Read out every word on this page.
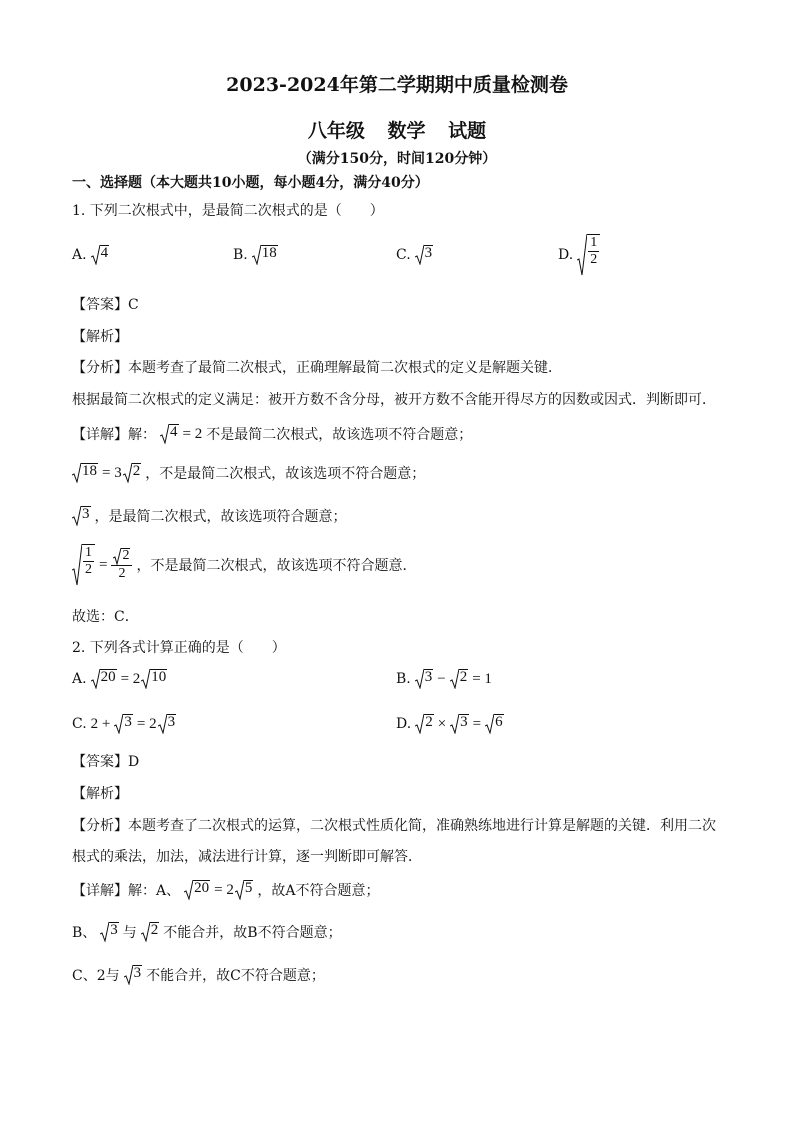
2023-2024年第二学期期中质量检测卷
八年级 数学 试题
（满分150分，时间120分钟）
一、选择题（本大题共10小题，每小题4分，满分40分）
1. 下列二次根式中，是最简二次根式的是（　　）
A. 4	B. 18	C. 3	D. $\frac{1}{2}$
【答案】C
【解析】
【分析】本题考查了最简二次根式，正确理解最简二次根式的定义是解题关键．
根据最简二次根式的定义满足：被开方数不含分母，被开方数不含能开得尽方的因数或因式．判断即可．
【详解】解： 4 = 2 不是最简二次根式，故该选项不符合题意；
18 = 3 2 ，不是最简二次根式，故该选项不符合题意；
3 ，是最简二次根式，故该选项符合题意；
$\frac{1}{2} = \frac{2}{2}$ ，不是最简二次根式，故该选项不符合题意．
故选：C．
2. 下列各式计算正确的是（　　）
A. 20 = 2 10	B. 3 − 2 = 1
C. 2 + 3 = 2 3	D. 2 × 3 = 6
【答案】D
【解析】
【分析】本题考查了二次根式的运算，二次根式性质化简，准确熟练地进行计算是解题的关键．利用二次
根式的乘法，加法，减法进行计算，逐一判断即可解答．
【详解】解：A、 20 = 2 5 ，故A不符合题意；
B、 3 与 2 不能合并，故B不符合题意；
C、2与 3 不能合并，故C不符合题意；
